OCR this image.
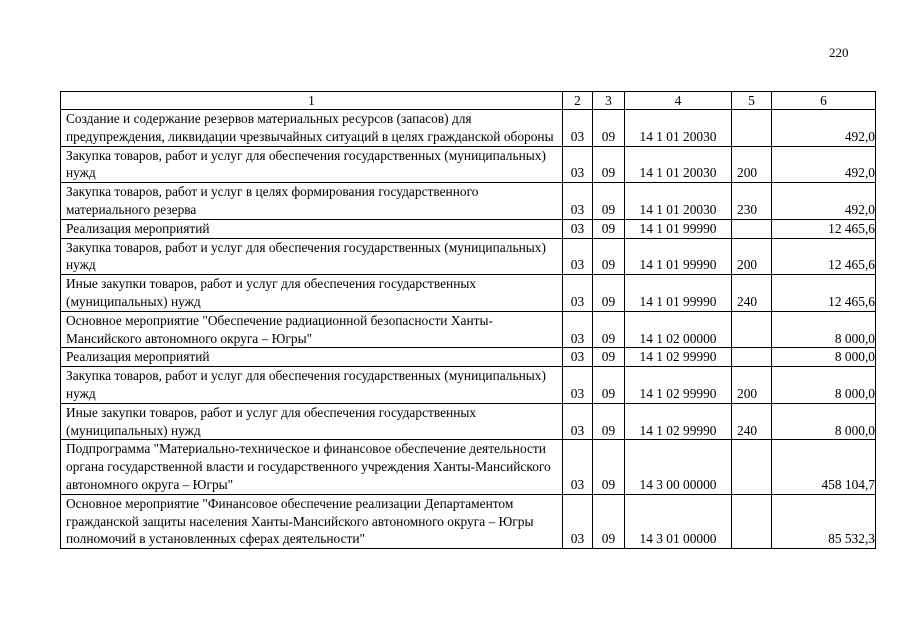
220
1	2	3	4	5	6
Создание и содержание резервов материальных ресурсов (запасов) для предупреждения, ликвидации чрезвычайных ситуаций в целях гражданской обороны	03	09	14 1 01 20030		492,0
Закупка товаров, работ и услуг для обеспечения государственных (муниципальных) нужд	03	09	14 1 01 20030	200	492,0
Закупка товаров, работ и услуг в целях формирования государственного материального резерва	03	09	14 1 01 20030	230	492,0
Реализация мероприятий	03	09	14 1 01 99990		12 465,6
Закупка товаров, работ и услуг для обеспечения государственных (муниципальных) нужд	03	09	14 1 01 99990	200	12 465,6
Иные закупки товаров, работ и услуг для обеспечения государственных (муниципальных) нужд	03	09	14 1 01 99990	240	12 465,6
Основное мероприятие "Обеспечение радиационной безопасности Ханты-Мансийского автономного округа – Югры"	03	09	14 1 02 00000		8 000,0
Реализация мероприятий	03	09	14 1 02 99990		8 000,0
Закупка товаров, работ и услуг для обеспечения государственных (муниципальных) нужд	03	09	14 1 02 99990	200	8 000,0
Иные закупки товаров, работ и услуг для обеспечения государственных (муниципальных) нужд	03	09	14 1 02 99990	240	8 000,0
Подпрограмма "Материально-техническое и финансовое обеспечение деятельности органа государственной власти и государственного учреждения Ханты-Мансийского автономного округа – Югры"	03	09	14 3 00 00000		458 104,7
Основное мероприятие "Финансовое обеспечение реализации Департаментом гражданской защиты населения Ханты-Мансийского автономного округа – Югры полномочий в установленных сферах деятельности"	03	09	14 3 01 00000		85 532,3
